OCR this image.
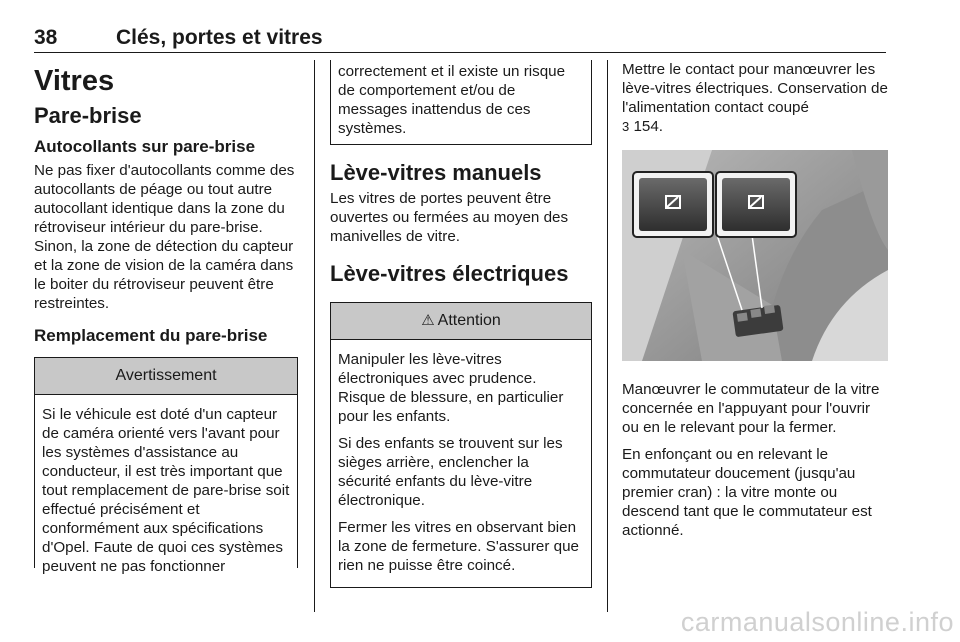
38	Clés, portes et vitres
Vitres
Pare-brise
Autocollants sur pare-brise

Ne pas fixer d'autocollants comme des autocollants de péage ou tout autre autocollant identique dans la zone du rétroviseur intérieur du pare-brise. Sinon, la zone de détection du capteur et la zone de vision de la caméra dans le boiter du rétroviseur peuvent être restreintes.

Remplacement du pare-brise
Avertissement

Si le véhicule est doté d'un capteur de caméra orienté vers l'avant pour les systèmes d'assistance au conducteur, il est très important que tout remplacement de pare-brise soit effectué précisément et conformément aux spécifications d'Opel. Faute de quoi ces systèmes peuvent ne pas fonctionner

correctement et il existe un risque de comportement et/ou de messages inattendus de ces systèmes.

Lève-vitres manuels

Les vitres de portes peuvent être ouvertes ou fermées au moyen des manivelles de vitre.

Lève-vitres électriques
⚠ Attention

Manipuler les lève-vitres électroniques avec prudence. Risque de blessure, en particulier pour les enfants.

Si des enfants se trouvent sur les sièges arrière, enclencher la sécurité enfants du lève-vitre électronique.

Fermer les vitres en observant bien la zone de fermeture. S'assurer que rien ne puisse être coincé.

Mettre le contact pour manœuvrer les lève-vitres électriques. Conservation de l'alimentation contact coupé
3 154.

Manœuvrer le commutateur de la vitre concernée en l'appuyant pour l'ouvrir ou en le relevant pour la fermer.

En enfonçant ou en relevant le commutateur doucement (jusqu'au premier cran) : la vitre monte ou descend tant que le commutateur est actionné.

carmanualsonline.info
